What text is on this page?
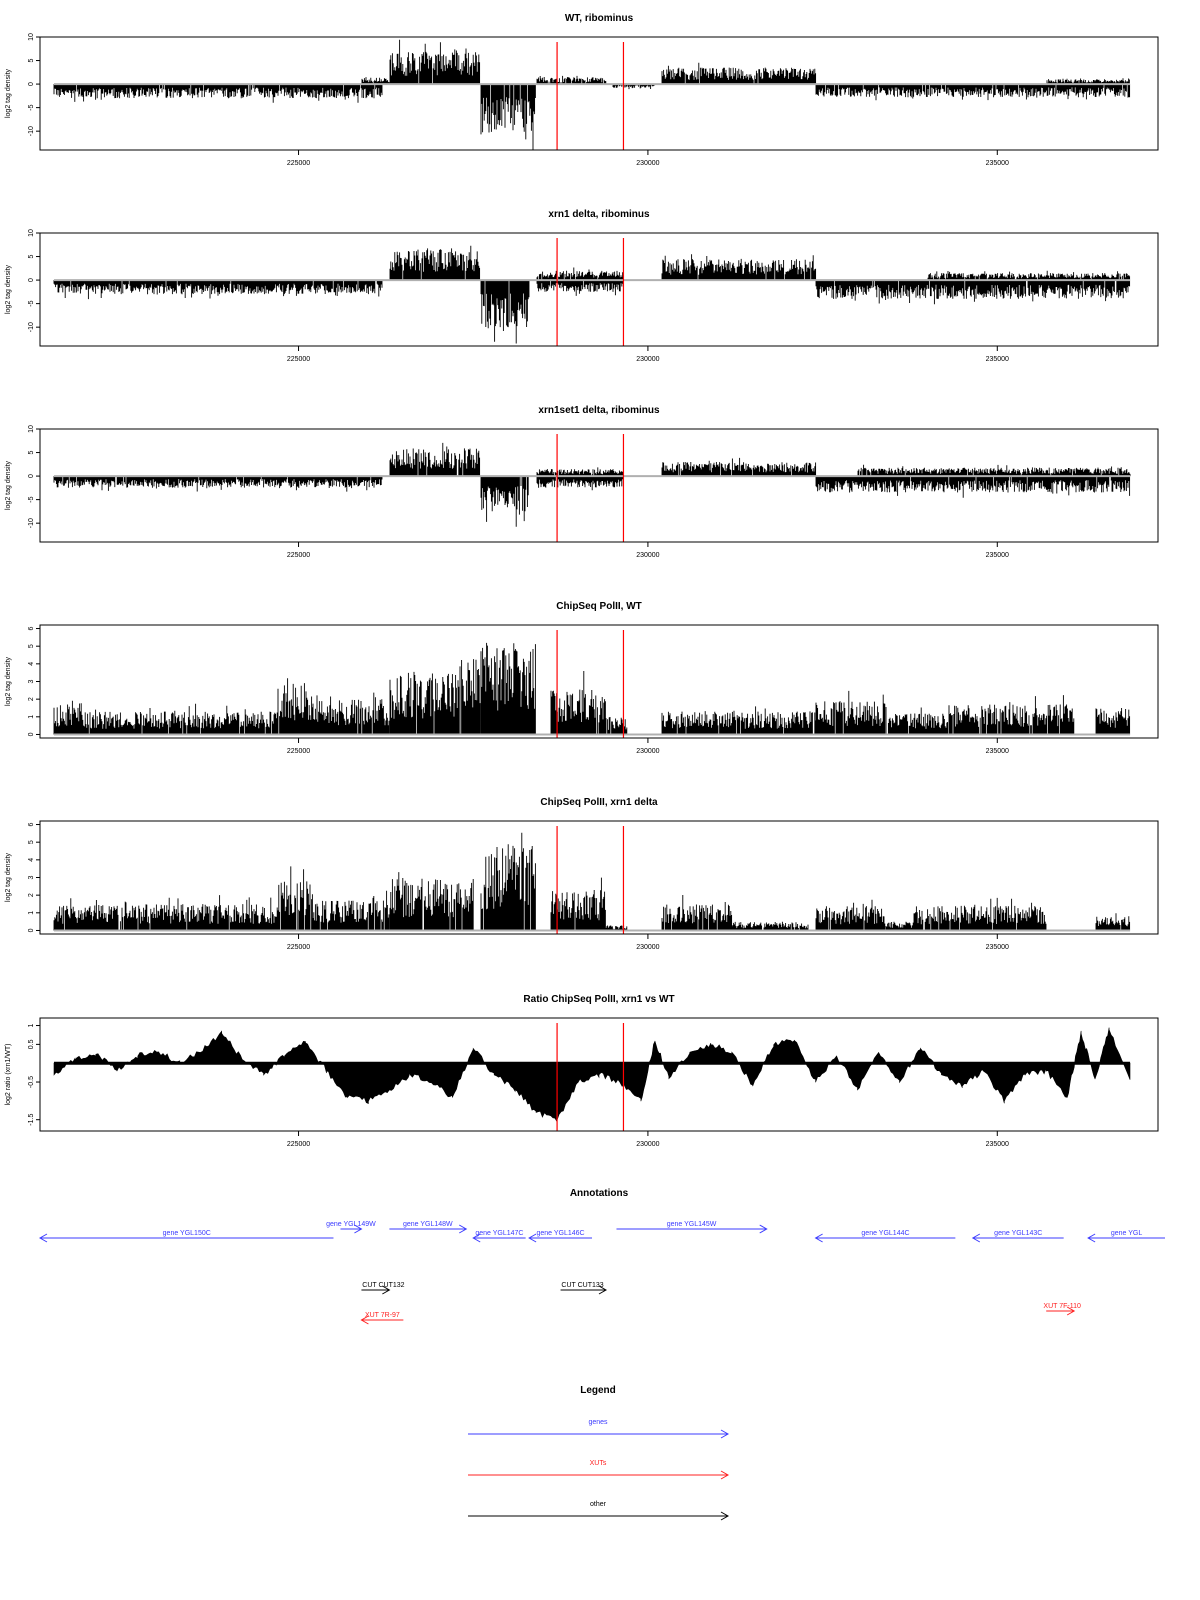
WT, ribominus
225000	230000	235000
-10
-5
0
5
10
log2 tag density
xrn1 delta, ribominus
225000	230000	235000
-10
-5
0
5
10
log2 tag density
xrn1set1 delta, ribominus
225000	230000	235000
-10
-5
0
5
10
log2 tag density
ChipSeq PolII, WT
225000	230000	235000
0
1
2
3
4
5
6
log2 tag density
ChipSeq PolII, xrn1 delta
225000	230000	235000
0
1
2
3
4
5
6
log2 tag density
Ratio ChipSeq PolII, xrn1 vs WT
225000	230000	235000
-1.5
-0.5
0.5
1
log2 ratio (xrn1/WT)
Annotations
gene YGL150C
gene YGL149W	gene YGL148W
gene YGL147C gene YGL146C
gene YGL145W
gene YGL144C	gene YGL143C	gene YGL
CUT CUT132	CUT CUT133
XUT 7R-97
XUT 7F-110
Legend
genes
XUTs
other
